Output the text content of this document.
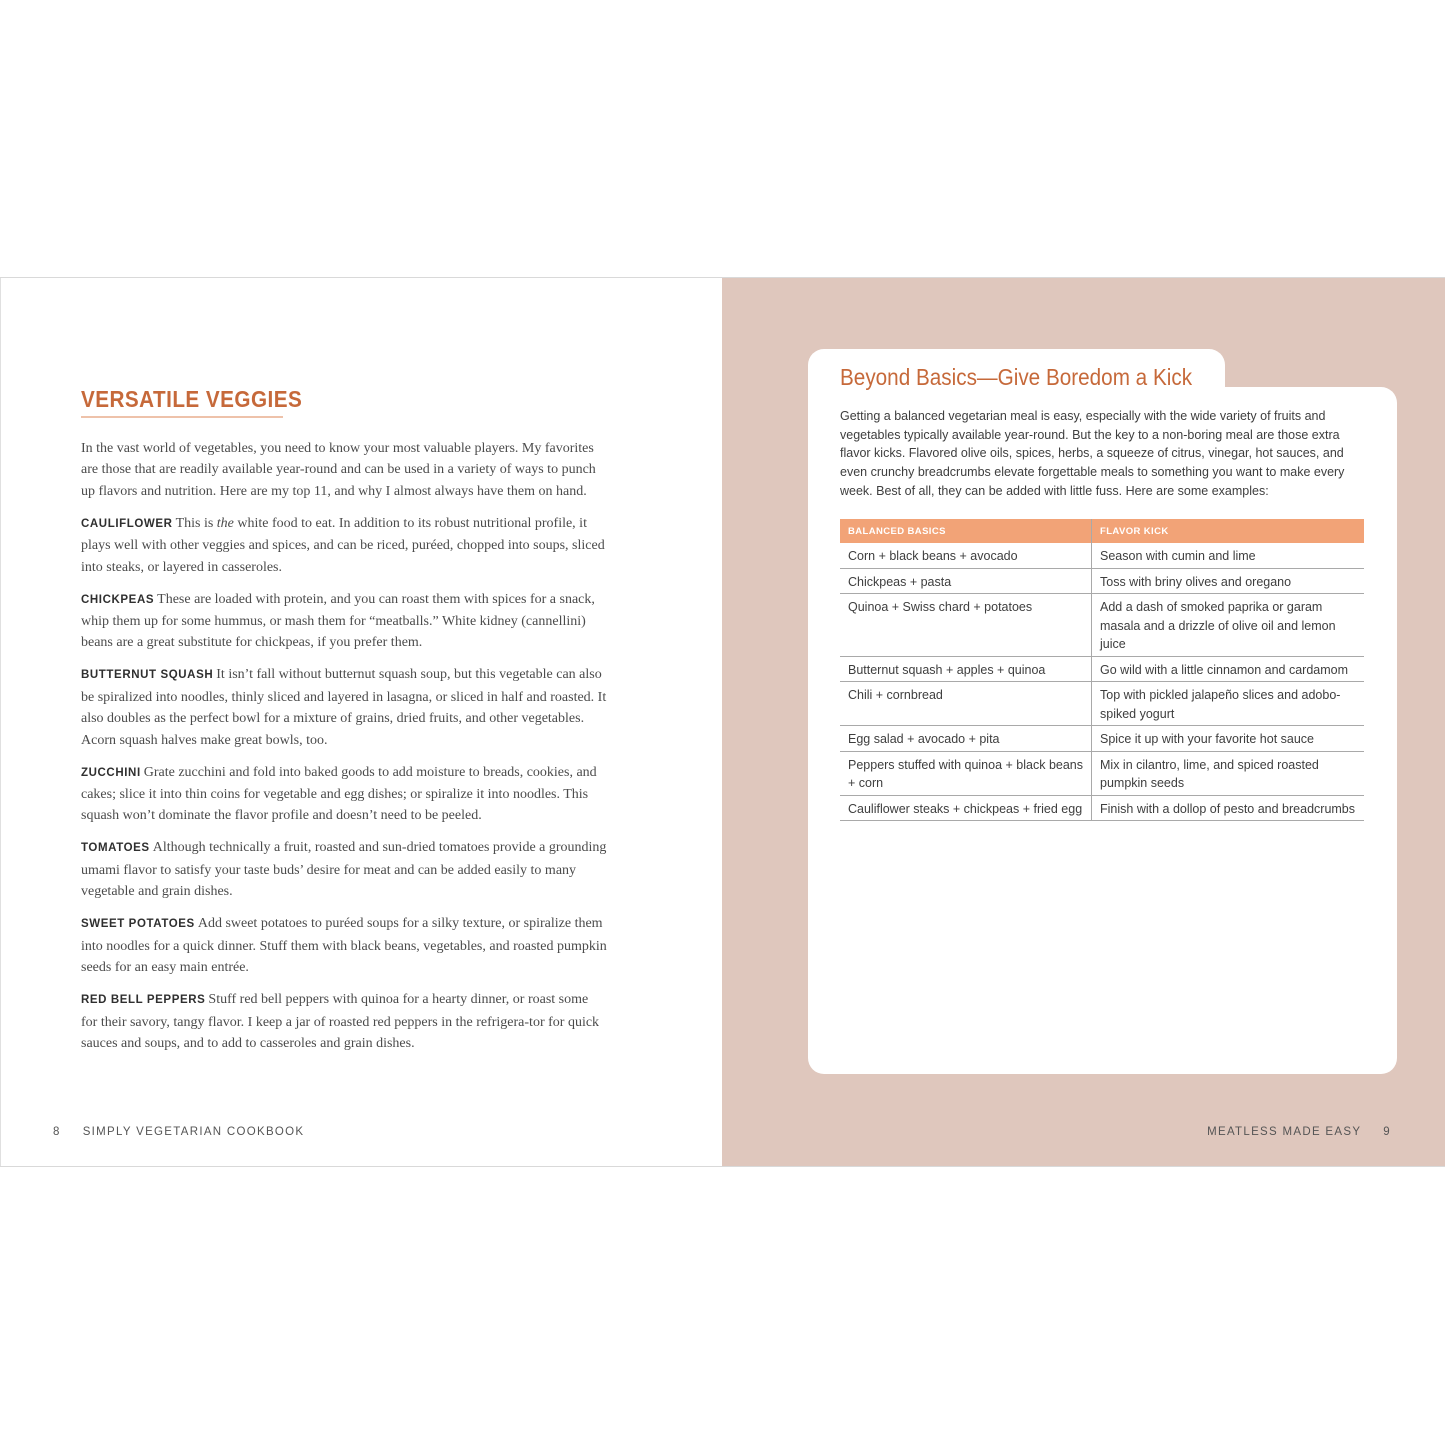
VERSATILE VEGGIES

In the vast world of vegetables, you need to know your most valuable players. My favorites are those that are readily available year-round and can be used in a variety of ways to punch up flavors and nutrition. Here are my top 11, and why I almost always have them on hand.

CAULIFLOWER This is the white food to eat. In addition to its robust nutritional profile, it plays well with other veggies and spices, and can be riced, puréed, chopped into soups, sliced into steaks, or layered in casseroles.

CHICKPEAS These are loaded with protein, and you can roast them with spices for a snack, whip them up for some hummus, or mash them for “meatballs.” White kidney (cannellini) beans are a great substitute for chickpeas, if you prefer them.

BUTTERNUT SQUASH It isn’t fall without butternut squash soup, but this vegetable can also be spiralized into noodles, thinly sliced and layered in lasagna, or sliced in half and roasted. It also doubles as the perfect bowl for a mixture of grains, dried fruits, and other vegetables. Acorn squash halves make great bowls, too.

ZUCCHINI Grate zucchini and fold into baked goods to add moisture to breads, cookies, and cakes; slice it into thin coins for vegetable and egg dishes; or spiralize it into noodles. This squash won’t dominate the flavor profile and doesn’t need to be peeled.

TOMATOES Although technically a fruit, roasted and sun-dried tomatoes provide a grounding umami flavor to satisfy your taste buds’ desire for meat and can be added easily to many vegetable and grain dishes.

SWEET POTATOES Add sweet potatoes to puréed soups for a silky texture, or spiralize them into noodles for a quick dinner. Stuff them with black beans, vegetables, and roasted pumpkin seeds for an easy main entrée.

RED BELL PEPPERS Stuff red bell peppers with quinoa for a hearty dinner, or roast some for their savory, tangy flavor. I keep a jar of roasted red peppers in the refrigera-tor for quick sauces and soups, and to add to casseroles and grain dishes.

8 SIMPLY VEGETARIAN COOKBOOK
Beyond Basics—Give Boredom a Kick

Getting a balanced vegetarian meal is easy, especially with the wide variety of fruits and vegetables typically available year-round. But the key to a non-boring meal are those extra flavor kicks. Flavored olive oils, spices, herbs, a squeeze of citrus, vinegar, hot sauces, and even crunchy breadcrumbs elevate forgettable meals to something you want to make every week. Best of all, they can be added with little fuss. Here are some examples:

BALANCED BASICS	FLAVOR KICK
Corn + black beans + avocado	Season with cumin and lime
Chickpeas + pasta	Toss with briny olives and oregano
Quinoa + Swiss chard + potatoes	Add a dash of smoked paprika or garam masala and a drizzle of olive oil and lemon juice
Butternut squash + apples + quinoa	Go wild with a little cinnamon and cardamom
Chili + cornbread	Top with pickled jalapeño slices and adobo-spiked yogurt
Egg salad + avocado + pita	Spice it up with your favorite hot sauce
Peppers stuffed with quinoa + black beans + corn	Mix in cilantro, lime, and spiced roasted pumpkin seeds
Cauliflower steaks + chickpeas + fried egg	Finish with a dollop of pesto and breadcrumbs
MEATLESS MADE EASY 9
